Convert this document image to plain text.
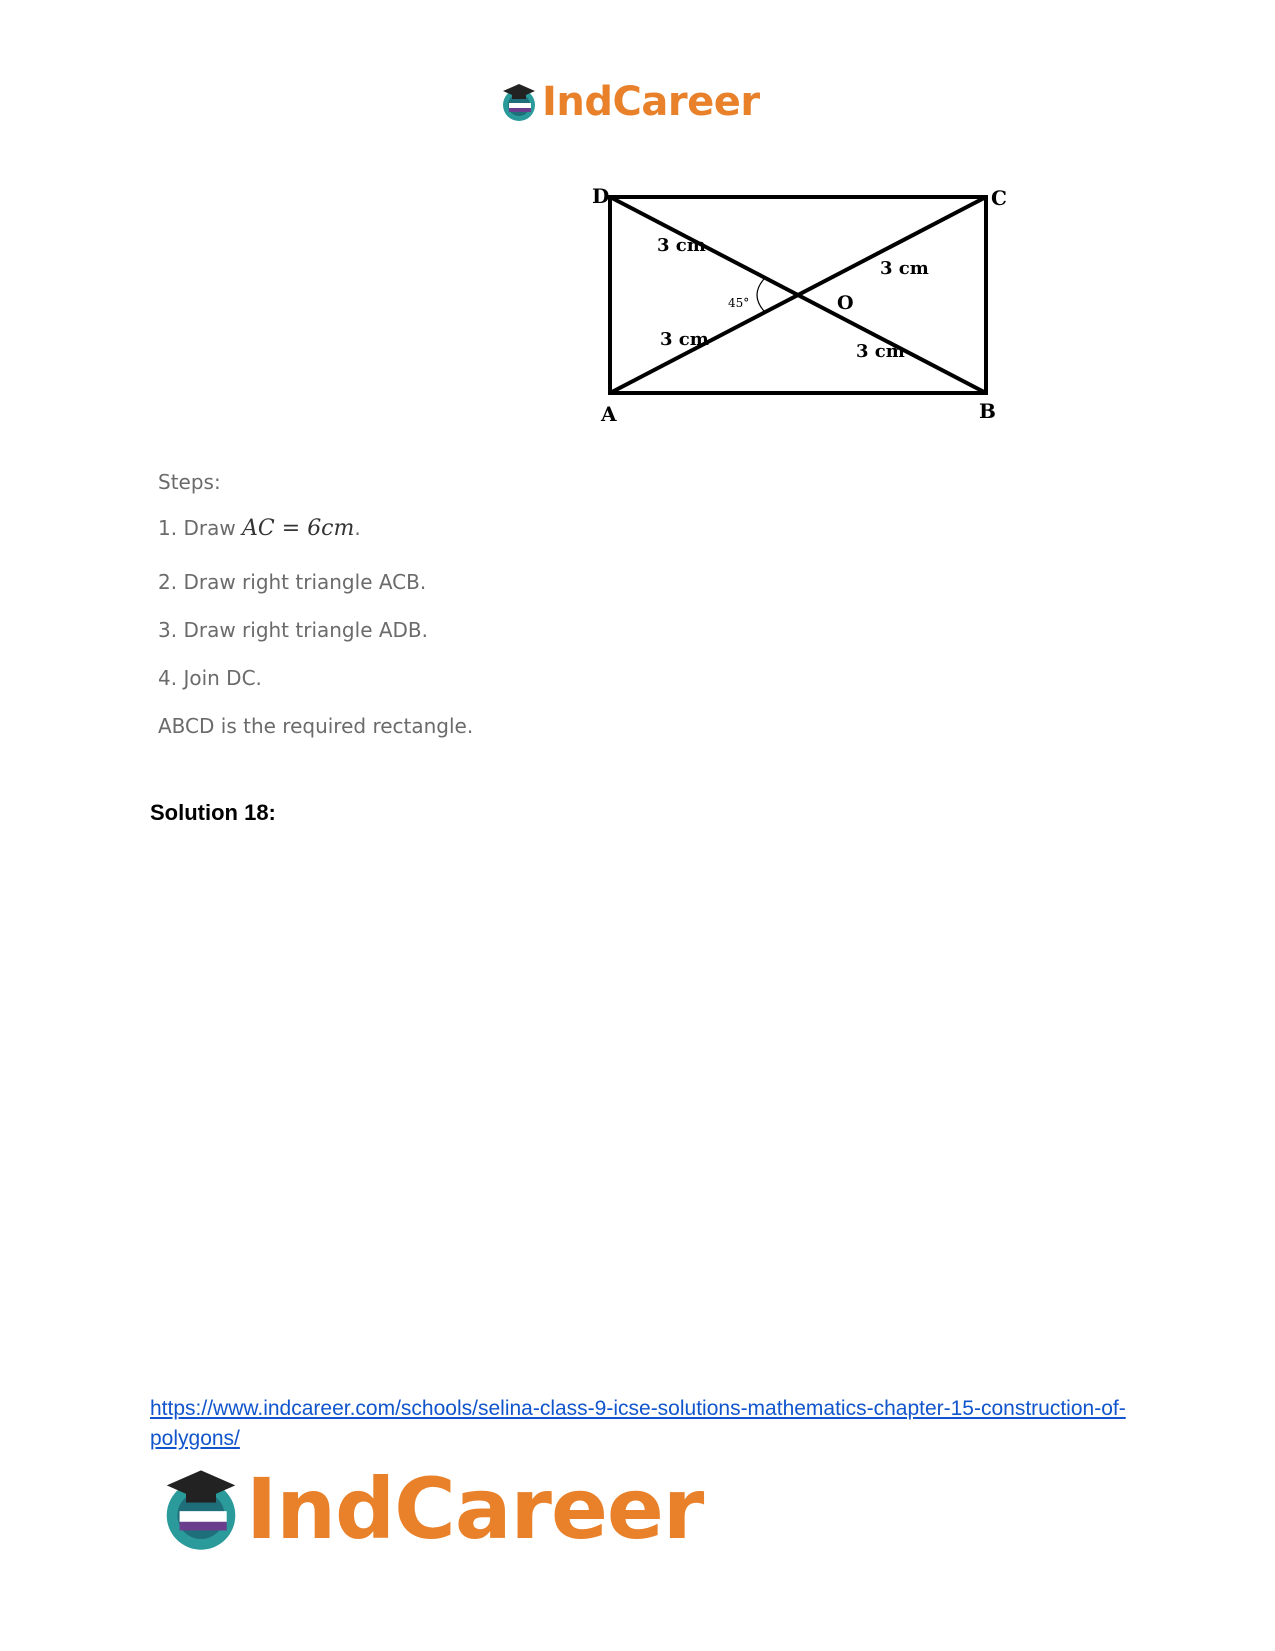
IndCareer
D	C
A	B
O
3 cm
3 cm
3 cm
3 cm
45°
Steps:
1. Draw AC = 6cm.
2. Draw right triangle ACB.
3. Draw right triangle ADB.
4. Join DC.
ABCD is the required rectangle.
Solution 18:
https://www.indcareer.com/schools/selina-class-9-icse-solutions-mathematics-chapter-15-construction-of-polygons/
IndCareer
